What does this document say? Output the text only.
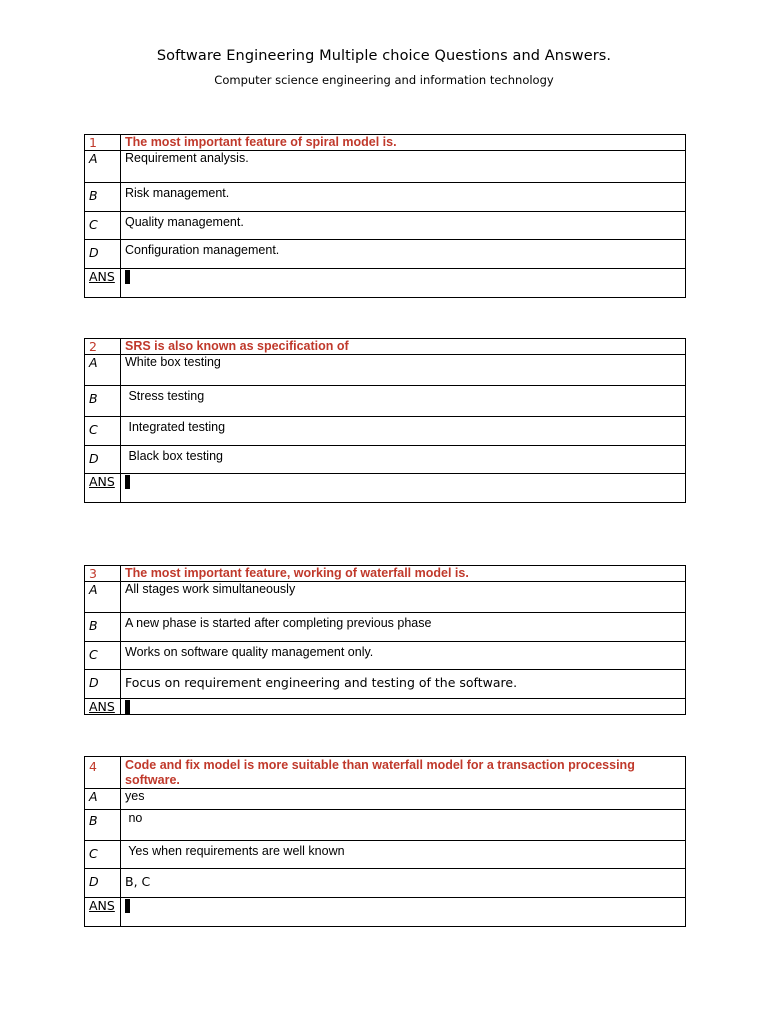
Software Engineering Multiple choice Questions and Answers.
Computer science engineering and information technology
1	The most important feature of spiral model is.
A	Requirement analysis.
B	Risk management.
C	Quality management.
D	Configuration management.
ANS	
2	SRS is also known as specification of
A	White box testing
B	Stress testing
C	Integrated testing
D	Black box testing
ANS	
3	The most important feature, working of waterfall model is.
A	All stages work simultaneously
B	A new phase is started after completing previous phase
C	Works on software quality management only.
D	Focus on requirement engineering and testing of the software.
ANS	
4	Code and fix model is more suitable than waterfall model for a transaction processing software.
A	yes
B	no
C	Yes when requirements are well known
D	B, C
ANS	
